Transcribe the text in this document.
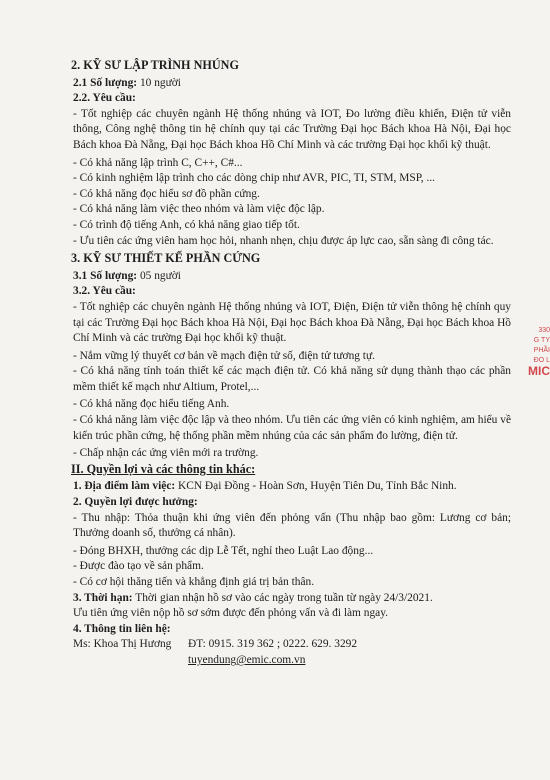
2. KỸ SƯ LẬP TRÌNH NHÚNG
2.1 Số lượng: 10 người
2.2. Yêu cầu:
- Tốt nghiệp các chuyên ngành Hệ thống nhúng và IOT, Đo lường điều khiển, Điện tử viễn thông, Công nghệ thông tin hệ chính quy tại các Trường Đại học Bách khoa Hà Nội, Đại học Bách khoa Đà Nẵng, Đại học Bách khoa Hồ Chí Minh và các trường Đại học khối kỹ thuật.
- Có khả năng lập trình C, C++, C#...
- Có kinh nghiệm lập trình cho các dòng chip như AVR, PIC, TI, STM, MSP, ...
- Có khả năng đọc hiểu sơ đồ phần cứng.
- Có khả năng làm việc theo nhóm và làm việc độc lập.
- Có trình độ tiếng Anh, có khả năng giao tiếp tốt.
- Ưu tiên các ứng viên ham học hỏi, nhanh nhẹn, chịu được áp lực cao, sẵn sàng đi công tác.
3. KỸ SƯ THIẾT KẾ PHẦN CỨNG
3.1 Số lượng: 05 người
3.2. Yêu cầu:
- Tốt nghiệp các chuyên ngành Hệ thống nhúng và IOT, Điện, Điện tử viễn thông hệ chính quy tại các Trường Đại học Bách khoa Hà Nội, Đại học Bách khoa Đà Nẵng, Đại học Bách khoa Hồ Chí Minh và các trường Đại học khối kỹ thuật.
- Nắm vững lý thuyết cơ bản về mạch điện tử số, điện tử tương tự.
- Có khả năng tính toán thiết kế các mạch điện tử. Có khả năng sử dụng thành thạo các phần mềm thiết kế mạch như Altium, Protel,...
- Có khả năng đọc hiểu tiếng Anh.
- Có khả năng làm việc độc lập và theo nhóm. Ưu tiên các ứng viên có kinh nghiệm, am hiểu về kiến trúc phần cứng, hệ thống phần mềm nhúng của các sản phẩm đo lường, điện tử.
- Chấp nhận các ứng viên mới ra trường.
II. Quyền lợi và các thông tin khác:
1. Địa điểm làm việc: KCN Đại Đồng - Hoàn Sơn, Huyện Tiên Du, Tỉnh Bắc Ninh.
2. Quyền lợi được hưởng:
- Thu nhập: Thỏa thuận khi ứng viên đến phỏng vấn (Thu nhập bao gồm: Lương cơ bản; Thưởng doanh số, thưởng cá nhân).
- Đóng BHXH, thưởng các dịp Lễ Tết, nghỉ theo Luật Lao động...
- Được đào tạo về sản phẩm.
- Có cơ hội thăng tiến và khẳng định giá trị bản thân.
3. Thời hạn: Thời gian nhận hồ sơ vào các ngày trong tuần từ ngày 24/3/2021.
Ưu tiên ứng viên nộp hồ sơ sớm được đến phỏng vấn và đi làm ngay.
4. Thông tin liên hệ:
Ms: Khoa Thị Hương	ĐT: 0915. 319 362 ; 0222. 629. 3292
tuyendung@emic.com.vn
330
G TY
PHẦI
ĐO L
MIC
